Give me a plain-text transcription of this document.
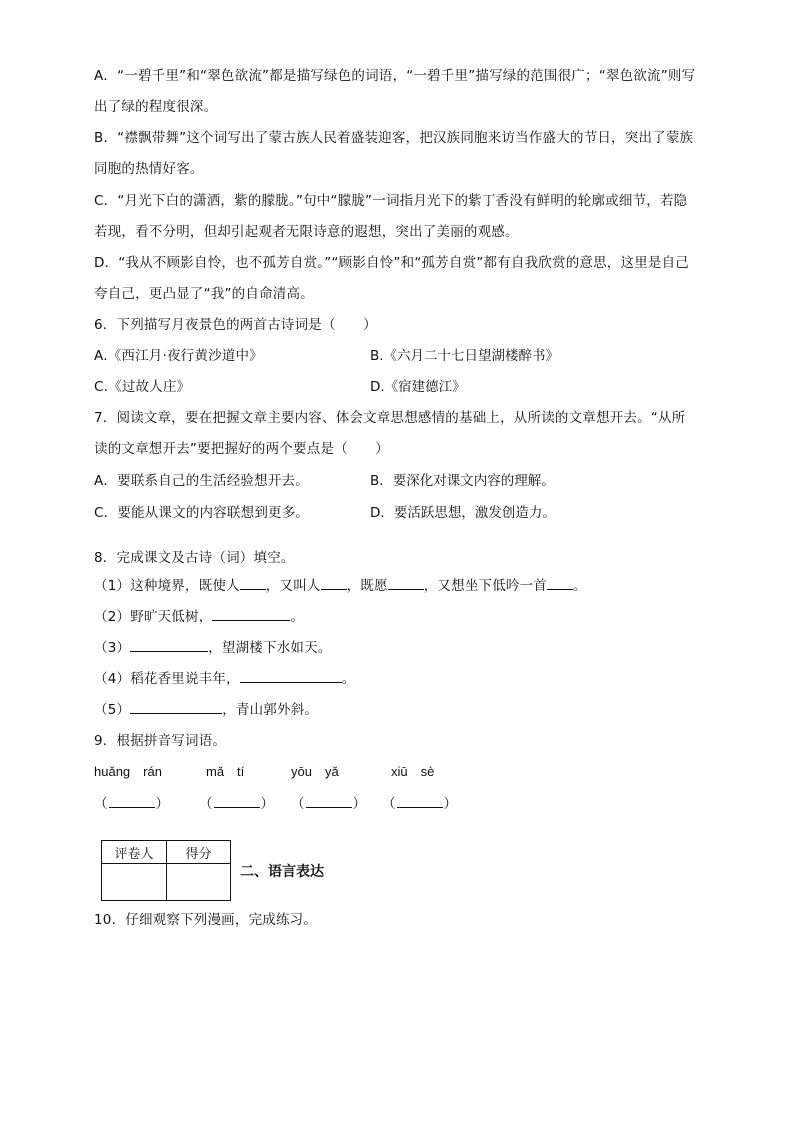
A．“一碧千里”和“翠色欲流”都是描写绿色的词语，“一碧千里”描写绿的范围很广；“翠色欲流”则写
出了绿的程度很深。
B．“襟飘带舞”这个词写出了蒙古族人民着盛装迎客，把汉族同胞来访当作盛大的节日，突出了蒙族
同胞的热情好客。
C．“月光下白的潇洒，紫的朦胧。”句中“朦胧”一词指月光下的紫丁香没有鲜明的轮廓或细节，若隐
若现，看不分明，但却引起观者无限诗意的遐想，突出了美丽的观感。
D．“我从不顾影自怜，也不孤芳自赏。”“顾影自怜”和“孤芳自赏”都有自我欣赏的意思，这里是自己
夸自己，更凸显了“我”的自命清高。
6．下列描写月夜景色的两首古诗词是（　　）
A.《西江月·夜行黄沙道中》	B.《六月二十七日望湖楼醉书》
C.《过故人庄》	D.《宿建德江》
7．阅读文章，要在把握文章主要内容、体会文章思想感情的基础上，从所读的文章想开去。“从所
读的文章想开去”要把握好的两个要点是（　　）
A．要联系自己的生活经验想开去。	B．要深化对课文内容的理解。
C．要能从课文的内容联想到更多。	D．要活跃思想，激发创造力。
8．完成课文及古诗（词）填空。
（1）这种境界，既使人 ，又叫人 ，既愿	，又想坐下低吟一首 。
（2）野旷天低树，	。
（3）	，望湖楼下水如天。
（4）稻花香里说丰年，	。
（5）	，青山郭外斜。
9．根据拼音写词语。
huǎng　rán	mǎ　tí	yōu　yǎ	xiū　sè
（	） （	） （	） （	）
评卷人	得分

二、语言表达
10．仔细观察下列漫画，完成练习。
